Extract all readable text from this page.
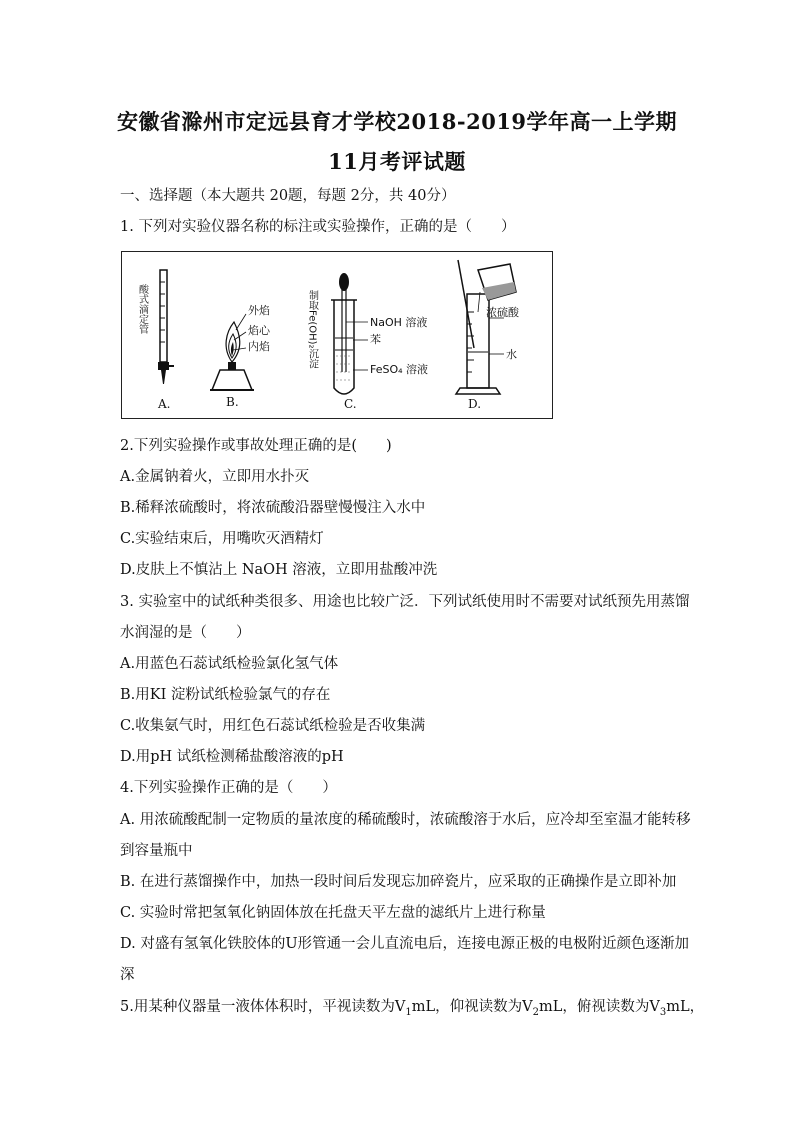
安徽省滁州市定远县育才学校2018-2019学年高一上学期
11月考评试题
一、选择题（本大题共 20题，每题 2分，共 40分）
1. 下列对实验仪器名称的标注或实验操作，正确的是（　　）
酸式滴定管	外焰
焰心
内焰	制取Fe(OH)₂沉淀	NaOH 溶液
苯
FeSO₄ 溶液
浓硫酸
水
A.	B.	C.	D.
2.下列实验操作或事故处理正确的是(　　)
A.金属钠着火，立即用水扑灭
B.稀释浓硫酸时，将浓硫酸沿器壁慢慢注入水中
C.实验结束后，用嘴吹灭酒精灯
D.皮肤上不慎沾上 NaOH 溶液，立即用盐酸冲洗
3. 实验室中的试纸种类很多、用途也比较广泛．下列试纸使用时不需要对试纸预先用蒸馏
水润湿的是（　　）
A.用蓝色石蕊试纸检验氯化氢气体
B.用KI 淀粉试纸检验氯气的存在
C.收集氨气时，用红色石蕊试纸检验是否收集满
D.用pH 试纸检测稀盐酸溶液的pH
4.下列实验操作正确的是（　　）
A. 用浓硫酸配制一定物质的量浓度的稀硫酸时，浓硫酸溶于水后，应冷却至室温才能转移
到容量瓶中
B. 在进行蒸馏操作中，加热一段时间后发现忘加碎瓷片，应采取的正确操作是立即补加
C. 实验时常把氢氧化钠固体放在托盘天平左盘的滤纸片上进行称量
D. 对盛有氢氧化铁胶体的U形管通一会儿直流电后，连接电源正极的电极附近颜色逐渐加
深
5.用某种仪器量一液体体积时，平视读数为$V_1mL$，仰视读数为$V_2mL$，俯视读数为$V_3mL$，
